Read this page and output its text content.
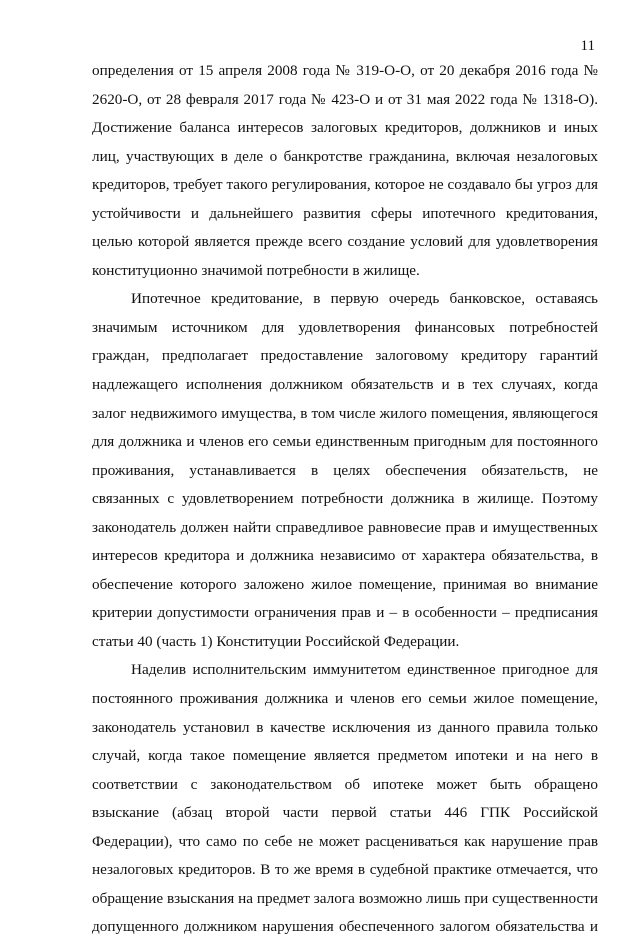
11

определения от 15 апреля 2008 года № 319-О-О, от 20 декабря 2016 года № 2620-О, от 28 февраля 2017 года № 423-О и от 31 мая 2022 года № 1318-О). Достижение баланса интересов залоговых кредиторов, должников и иных лиц, участвующих в деле о банкротстве гражданина, включая незалоговых кредиторов, требует такого регулирования, которое не создавало бы угроз для устойчивости и дальнейшего развития сферы ипотечного кредитования, целью которой является прежде всего создание условий для удовлетворения конституционно значимой потребности в жилище.

Ипотечное кредитование, в первую очередь банковское, оставаясь значимым источником для удовлетворения финансовых потребностей граждан, предполагает предоставление залоговому кредитору гарантий надлежащего исполнения должником обязательств и в тех случаях, когда залог недвижимого имущества, в том числе жилого помещения, являющегося для должника и членов его семьи единственным пригодным для постоянного проживания, устанавливается в целях обеспечения обязательств, не связанных с удовлетворением потребности должника в жилище. Поэтому законодатель должен найти справедливое равновесие прав и имущественных интересов кредитора и должника независимо от характера обязательства, в обеспечение которого заложено жилое помещение, принимая во внимание критерии допустимости ограничения прав и – в особенности – предписания статьи 40 (часть 1) Конституции Российской Федерации.

Наделив исполнительским иммунитетом единственное пригодное для постоянного проживания должника и членов его семьи жилое помещение, законодатель установил в качестве исключения из данного правила только случай, когда такое помещение является предметом ипотеки и на него в соответствии с законодательством об ипотеке может быть обращено взыскание (абзац второй части первой статьи 446 ГПК Российской Федерации), что само по себе не может расцениваться как нарушение прав незалоговых кредиторов. В то же время в судебной практике отмечается, что обращение взыскания на предмет залога возможно лишь при существенности допущенного должником нарушения обеспеченного залогом обязательства и
